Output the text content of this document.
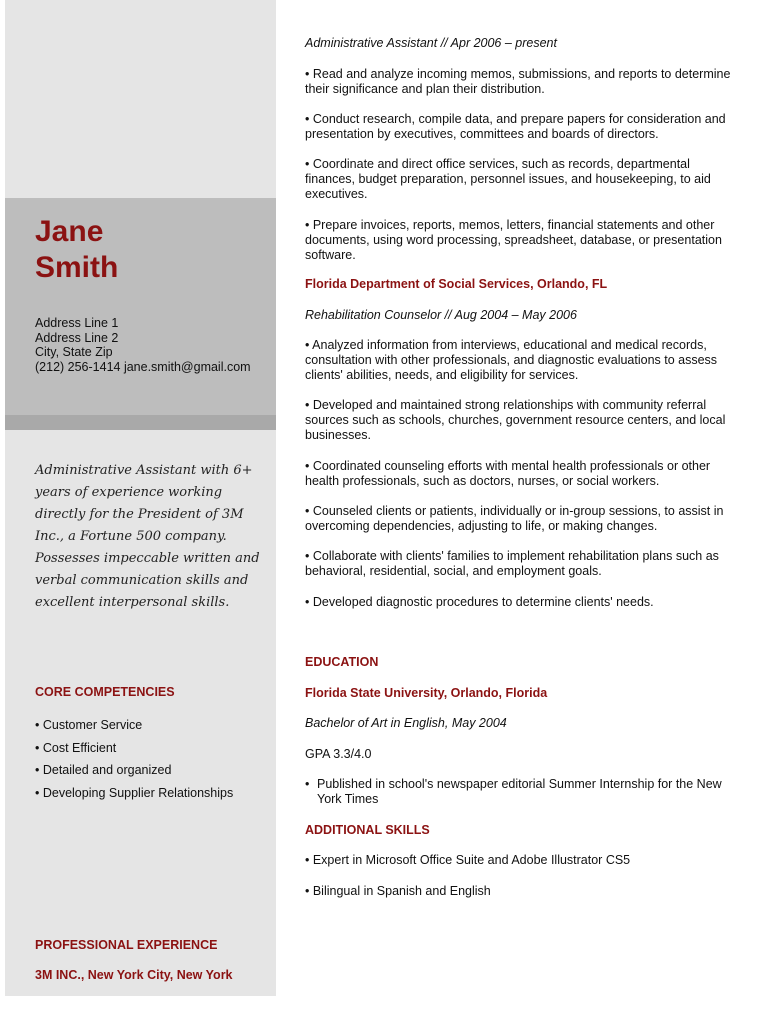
Jane
Smith
Address Line 1
Address Line 2
City, State Zip
(212) 256-1414 jane.smith@gmail.com
Administrative Assistant with 6+ years of experience working directly for the President of 3M Inc., a Fortune 500 company. Possesses impeccable written and verbal communication skills and excellent interpersonal skills.
CORE COMPETENCIES
• Customer Service
• Cost Efficient
• Detailed and organized
• Developing Supplier Relationships
PROFESSIONAL EXPERIENCE
3M INC., New York City, New York
Administrative Assistant // Apr 2006 – present
• Read and analyze incoming memos, submissions, and reports to determine their significance and plan their distribution.
• Conduct research, compile data, and prepare papers for consideration and presentation by executives, committees and boards of directors.
• Coordinate and direct office services, such as records, departmental finances, budget preparation, personnel issues, and housekeeping, to aid executives.
• Prepare invoices, reports, memos, letters, financial statements and other documents, using word processing, spreadsheet, database, or presentation software.
Florida Department of Social Services, Orlando, FL
Rehabilitation Counselor // Aug 2004 – May 2006
• Analyzed information from interviews, educational and medical records, consultation with other professionals, and diagnostic evaluations to assess clients' abilities, needs, and eligibility for services.
• Developed and maintained strong relationships with community referral sources such as schools, churches, government resource centers, and local businesses.
• Coordinated counseling efforts with mental health professionals or other health professionals, such as doctors, nurses, or social workers.
• Counseled clients or patients, individually or in-group sessions, to assist in overcoming dependencies, adjusting to life, or making changes.
• Collaborate with clients' families to implement rehabilitation plans such as behavioral, residential, social, and employment goals.
• Developed diagnostic procedures to determine clients' needs.
EDUCATION
Florida State University, Orlando, Florida
Bachelor of Art in English, May 2004
GPA 3.3/4.0
• Published in school's newspaper editorial Summer Internship for the New York Times
ADDITIONAL SKILLS
• Expert in Microsoft Office Suite and Adobe Illustrator CS5
• Bilingual in Spanish and English
